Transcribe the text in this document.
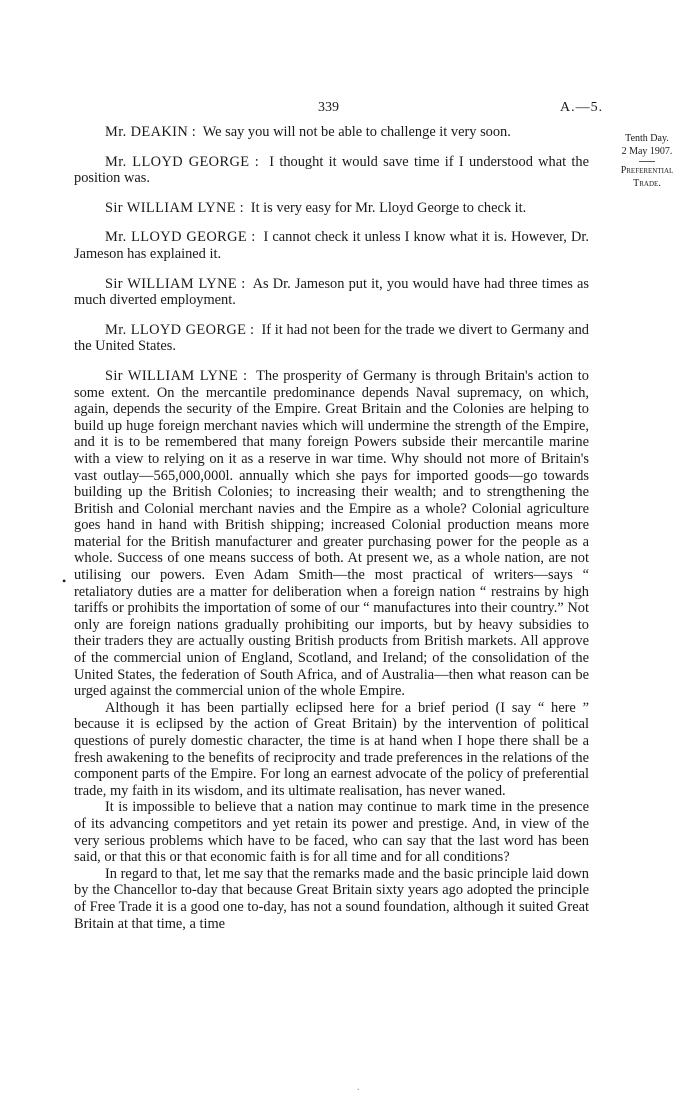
339	A.—5.
Tenth Day.
2 May 1907.
Preferential
Trade.
•

Mr. DEAKIN :  We say you will not be able to challenge it very soon.

Mr. LLOYD GEORGE :  I thought it would save time if I understood what the position was.

Sir WILLIAM LYNE :  It is very easy for Mr. Lloyd George to check it.

Mr. LLOYD GEORGE :  I cannot check it unless I know what it is. However, Dr. Jameson has explained it.

Sir WILLIAM LYNE :  As Dr. Jameson put it, you would have had three times as much diverted employment.

Mr. LLOYD GEORGE :  If it had not been for the trade we divert to Germany and the United States.

Sir WILLIAM LYNE :  The prosperity of Germany is through Britain's action to some extent. On the mercantile predominance depends Naval supremacy, on which, again, depends the security of the Empire. Great Britain and the Colonies are helping to build up huge foreign merchant navies which will undermine the strength of the Empire, and it is to be remembered that many foreign Powers subside their mercantile marine with a view to relying on it as a reserve in war time. Why should not more of Britain's vast outlay—565,000,000l. annually which she pays for imported goods—go towards building up the British Colonies; to increasing their wealth; and to strengthening the British and Colonial merchant navies and the Empire as a whole? Colonial agriculture goes hand in hand with British shipping; increased Colonial production means more material for the British manufacturer and greater purchasing power for the people as a whole. Success of one means success of both. At present we, as a whole nation, are not utilising our powers. Even Adam Smith—the most practical of writers—says “ retaliatory duties are a matter for deliberation when a foreign nation “ restrains by high tariffs or prohibits the importation of some of our “ manufactures into their country.” Not only are foreign nations gradually prohibiting our imports, but by heavy subsidies to their traders they are actually ousting British products from British markets. All approve of the commercial union of England, Scotland, and Ireland; of the consolidation of the United States, the federation of South Africa, and of Australia—then what reason can be urged against the commercial union of the whole Empire.

Although it has been partially eclipsed here for a brief period (I say “ here ” because it is eclipsed by the action of Great Britain) by the intervention of political questions of purely domestic character, the time is at hand when I hope there shall be a fresh awakening to the benefits of reciprocity and trade preferences in the relations of the component parts of the Empire. For long an earnest advocate of the policy of preferential trade, my faith in its wisdom, and its ultimate realisation, has never waned.

It is impossible to believe that a nation may continue to mark time in the presence of its advancing competitors and yet retain its power and prestige. And, in view of the very serious problems which have to be faced, who can say that the last word has been said, or that this or that economic faith is for all time and for all conditions?

In regard to that, let me say that the remarks made and the basic principle laid down by the Chancellor to-day that because Great Britain sixty years ago adopted the principle of Free Trade it is a good one to-day, has not a sound foundation, although it suited Great Britain at that time, a time

.
